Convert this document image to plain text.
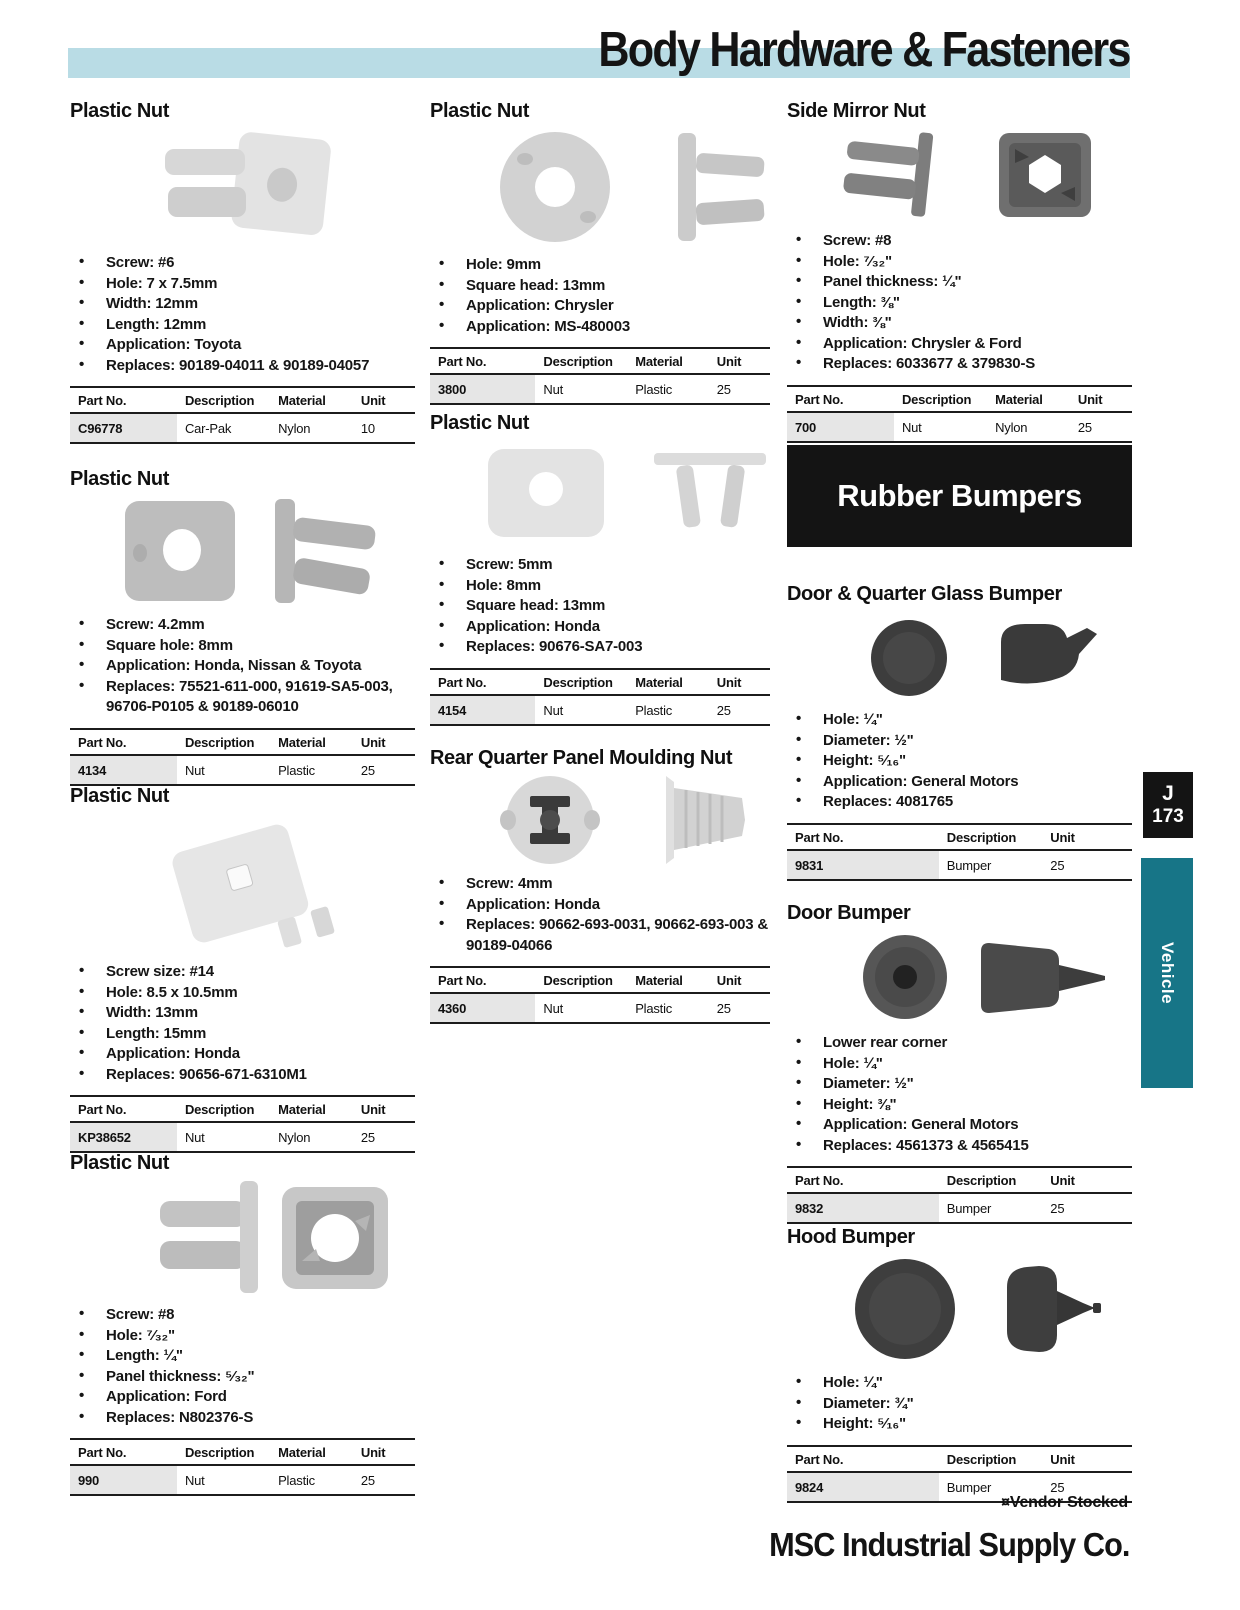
Body Hardware & Fasteners
Plastic Nut
• Screw: #6
• Hole: 7 x 7.5mm
• Width: 12mm
• Length: 12mm
• Application: Toyota
• Replaces: 90189-04011 & 90189-04057
Part No.	Description	Material	Unit
C96778	Car-Pak	Nylon	10
Plastic Nut
• Screw: 4.2mm
• Square hole: 8mm
• Application: Honda, Nissan & Toyota
• Replaces: 75521-611-000, 91619-SA5-003, 96706-P0105 & 90189-06010
Part No.	Description	Material	Unit
4134	Nut	Plastic	25
Plastic Nut
• Screw size: #14
• Hole: 8.5 x 10.5mm
• Width: 13mm
• Length: 15mm
• Application: Honda
• Replaces: 90656-671-6310M1
Part No.	Description	Material	Unit
KP38652	Nut	Nylon	25
Plastic Nut
• Screw: #8
• Hole: ⁷⁄₃₂"
• Length: ¼"
• Panel thickness: ⁵⁄₃₂"
• Application: Ford
• Replaces: N802376-S
Part No.	Description	Material	Unit
990	Nut	Plastic	25
Plastic Nut
• Hole: 9mm
• Square head: 13mm
• Application: Chrysler
• Application: MS-480003
Part No.	Description	Material	Unit
3800	Nut	Plastic	25
Plastic Nut
• Screw: 5mm
• Hole: 8mm
• Square head: 13mm
• Application: Honda
• Replaces: 90676-SA7-003
Part No.	Description	Material	Unit
4154	Nut	Plastic	25
Rear Quarter Panel Moulding Nut
• Screw: 4mm
• Application: Honda
• Replaces: 90662-693-0031, 90662-693-003 & 90189-04066
Part No.	Description	Material	Unit
4360	Nut	Plastic	25
Side Mirror Nut
• Screw: #8
• Hole: ⁷⁄₃₂"
• Panel thickness: ¼"
• Length: ⅜"
• Width: ⅜"
• Application: Chrysler & Ford
• Replaces: 6033677 & 379830-S
Part No.	Description	Material	Unit
700	Nut	Nylon	25
Rubber Bumpers
Door & Quarter Glass Bumper
• Hole: ¼"
• Diameter: ½"
• Height: ⁵⁄₁₆"
• Application: General Motors
• Replaces: 4081765
Part No.	Description	Unit
9831	Bumper	25
Door Bumper
• Lower rear corner
• Hole: ¼"
• Diameter: ½"
• Height: ⅜"
• Application: General Motors
• Replaces: 4561373 & 4565415
Part No.	Description	Unit
9832	Bumper	25
Hood Bumper
• Hole: ¼"
• Diameter: ¾"
• Height: ⁵⁄₁₆"
Part No.	Description	Unit
9824	Bumper	25
J
173
Vehicle
¤Vendor Stocked
MSC Industrial Supply Co.
